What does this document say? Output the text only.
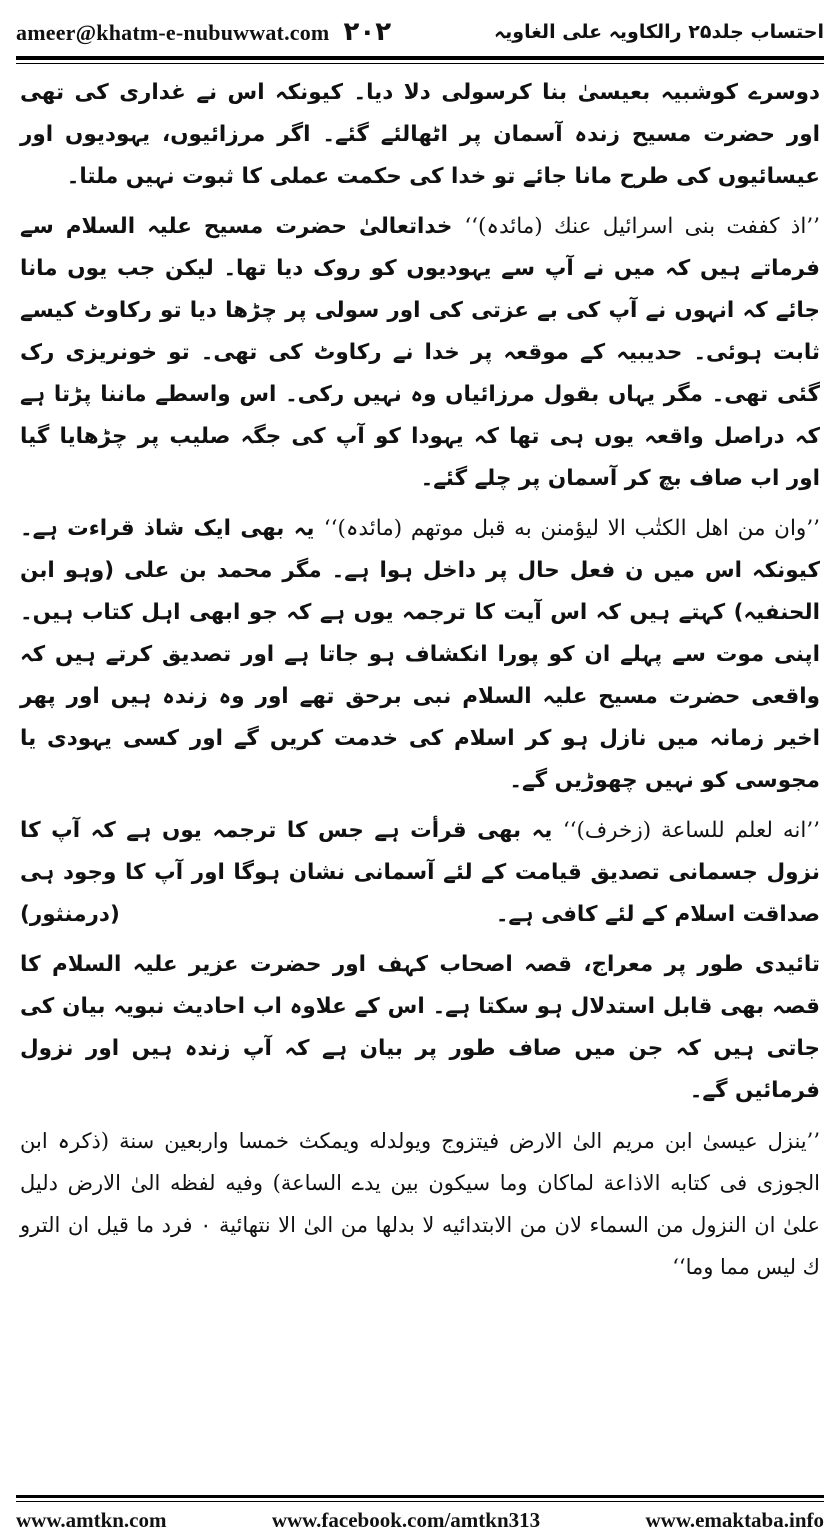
ameer@khatm-e-nubuwwat.com ۲۰۲	احتساب جلد۲۵ رالکاویہ علی الغاویہ

دوسرے کوشبیہ بعیسیٰ بنا کرسولی دلا دیا۔ کیونکہ اس نے غداری کی تھی اور حضرت مسیح زندہ آسمان پر اٹھالئے گئے۔ اگر مرزائیوں، یہودیوں اور عیسائیوں کی طرح مانا جائے تو خدا کی حکمت عملی کا ثبوت نہیں ملتا۔

’’اذ کففت بنی اسرائیل عنك (مائدہ)‘‘ خداتعالیٰ حضرت مسیح علیہ السلام سے فرماتے ہیں کہ میں نے آپ سے یہودیوں کو روک دیا تھا۔ لیکن جب یوں مانا جائے کہ انہوں نے آپ کی بے عزتی کی اور سولی پر چڑھا دیا تو رکاوٹ کیسے ثابت ہوئی۔ حدیبیہ کے موقعہ پر خدا نے رکاوٹ کی تھی۔ تو خونریزی رک گئی تھی۔ مگر یہاں بقول مرزائیاں وہ نہیں رکی۔ اس واسطے ماننا پڑتا ہے کہ دراصل واقعہ یوں ہی تھا کہ یہودا کو آپ کی جگہ صلیب پر چڑھایا گیا اور اب صاف بچ کر آسمان پر چلے گئے۔

’’وان من اھل الکتٰب الا لیؤمنن به قبل موتھم (مائدہ)‘‘ یہ بھی ایک شاذ قراءت ہے۔ کیونکہ اس میں ن فعل حال پر داخل ہوا ہے۔ مگر محمد بن علی (وہو ابن الحنفیہ) کہتے ہیں کہ اس آیت کا ترجمہ یوں ہے کہ جو ابھی اہل کتاب ہیں۔ اپنی موت سے پہلے ان کو پورا انکشاف ہو جاتا ہے اور تصدیق کرتے ہیں کہ واقعی حضرت مسیح علیہ السلام نبی برحق تھے اور وہ زندہ ہیں اور پھر اخیر زمانہ میں نازل ہو کر اسلام کی خدمت کریں گے اور کسی یہودی یا مجوسی کو نہیں چھوڑیں گے۔

’’انه لعلم للساعة (زخرف)‘‘ یہ بھی قرأت ہے جس کا ترجمہ یوں ہے کہ آپ کا نزول جسمانی تصدیق قیامت کے لئے آسمانی نشان ہوگا اور آپ کا وجود ہی صداقت اسلام کے لئے کافی ہے۔
(درمنثور)

تائیدی طور پر معراج، قصہ اصحاب کہف اور حضرت عزیر علیہ السلام کا قصہ بھی قابل استدلال ہو سکتا ہے۔ اس کے علاوہ اب احادیث نبویہ بیان کی جاتی ہیں کہ جن میں صاف طور پر بیان ہے کہ آپ زندہ ہیں اور نزول فرمائیں گے۔

’’ینزل عیسیٰ ابن مریم الیٰ الارض فیتزوج ویولدله ویمکث خمسا واربعین سنة (ذکرہ ابن الجوزی فی کتابه الاذاعة لماکان وما سیکون بین یدے الساعة) وفیه لفظه الیٰ الارض دلیل علیٰ ان النزول من السماء لان من الابتدائیه لا بدلھا من الیٰ الا نتھائیة ۰ فرد ما قیل ان الترو ك لیس مما وما‘‘

www.amtkn.com	www.facebook.com/amtkn313	www.emaktaba.info
